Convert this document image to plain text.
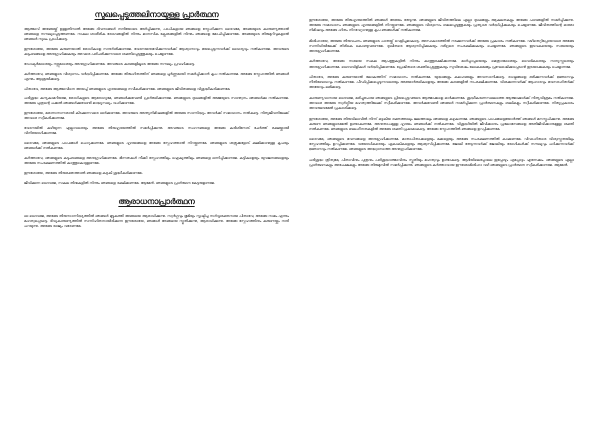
സുഖപ്പെടുത്തലിനായുള്ള പ്രാർത്ഥന

ആത്മാവ് അങ്ങേയ്ക്ക് ഉള്ളതിനാൽ അങ്ങേ ദിവസങ്ങൾ നന്ദിയോടെ അർപ്പിക്കുന്നു, പാപികളായ ഞങ്ങളെ സ്നേഹിക്കുന്ന ദൈവമേ, അങ്ങയുടെ കാരുണ്യത്താൽ ഞങ്ങളെ സൗഖ്യപ്പെടുത്തണമേ. സകല ശാരീരിക രോഗങ്ങളിൽ നിന്നും മാനസിക ക്ലേശങ്ങളിൽ നിന്നും ഞങ്ങളെ മോചിപ്പിക്കണമേ. അങ്ങയുടെ തിരുമുറിവുകളാൽ ഞങ്ങൾ സുഖം പ്രാപിക്കട്ടെ.

ഈശോയേ, അങ്ങേ കരുണയാൽ രോഗികളെ സന്ദർശിക്കണമേ. വേദനയനുഭവിക്കുന്നവർക്ക് ആശ്വാസവും ഭയപ്പെടുന്നവർക്ക് ധൈര്യവും നൽകണമേ. അവരുടെ കുടുംബങ്ങളെ അനുഗ്രഹിക്കുകയും അവരെ പരിചരിക്കുന്നവരെ ശക്തിപ്പെടുത്തുകയും ചെയ്യണമേ.

ഡോക്ടർമാരെയും നഴ്സുമാരെയും അനുഗ്രഹിക്കണമേ. അവരുടെ കരങ്ങളിലൂടെ അങ്ങേ സൗഖ്യം പ്രവഹിക്കട്ടെ.

കർത്താവേ, ഞങ്ങളുടെ വിശ്വാസം വർദ്ധിപ്പിക്കണമേ. അങ്ങേ തിരുഹിതത്തിന് ഞങ്ങളെ പൂർണ്ണമായി സമർപ്പിക്കാൻ കൃപ നൽകണമേ. അങ്ങേ സ്നേഹത്തിൽ ഞങ്ങൾ എന്നും ആശ്രയിക്കട്ടെ.

പിതാവേ, അങ്ങേ ആത്മാവിനെ അയച്ച് ഞങ്ങളുടെ ഹൃദയങ്ങളെ നവീകരിക്കണമേ. ഞങ്ങളുടെ ജീവിതങ്ങളെ വിശുദ്ധീകരിക്കണമേ.

പരിശുദ്ധ കന്യകാമറിയമേ, രോഗികളുടെ ആരോഗ്യമേ, ഞങ്ങൾക്കുവേണ്ടി പ്രാർത്ഥിക്കണമേ. ഞങ്ങളുടെ ദുഃഖങ്ങളിൽ അമ്മയുടെ സാന്ത്വനം ഞങ്ങൾക്കു നൽകണമേ. അങ്ങേ പുത്രന്റെ പക്കൽ ഞങ്ങൾക്കുവേണ്ടി മാദ്ധ്യസ്ഥ്യം വഹിക്കണമേ.

ഈശോയേ, മരണാസന്നരായി കിടക്കുന്നവരെ ഓർക്കണമേ. അവരുടെ അന്ത്യനിമിഷങ്ങളിൽ അങ്ങേ സാന്നിദ്ധ്യം അവർക്ക് സമാധാനം നൽകട്ടെ. നിത്യജീവനിലേക്ക് അവരെ സ്വീകരിക്കണമേ.

വേദനയിൽ കഴിയുന്ന എല്ലാവരെയും അങ്ങേ തിരുഹൃദയത്തിൽ സമർപ്പിക്കുന്നു. അവരുടെ സഹനങ്ങളെ അങ്ങേ കുരിശിനോട് ചേർത്ത് രക്ഷയ്ക്കായി വിനിയോഗിക്കണമേ.

ദൈവമേ, ഞങ്ങളുടെ പാപങ്ങൾ പൊറുക്കണമേ. ഞങ്ങളുടെ ഹൃദയങ്ങളെ അങ്ങേ സ്നേഹത്താൽ നിറയ്ക്കണമേ. ഞങ്ങളുടെ ശത്രുക്കളോട് ക്ഷമിക്കാനുള്ള കൃപയും ഞങ്ങൾക്ക് നൽകണമേ.

കർത്താവേ, ഞങ്ങളുടെ കുടുംബങ്ങളെ അനുഗ്രഹിക്കണമേ. ഭിന്നതകൾ നീക്കി സ്നേഹത്തിലും ഐക്യത്തിലും ഞങ്ങളെ ഒന്നിപ്പിക്കണമേ. കുട്ടികളെയും യുവജനങ്ങളെയും അങ്ങേ സംരക്ഷണത്തിൽ കാത്തുകൊള്ളണമേ.

ഈശോയേ, അങ്ങേ തിരുരക്തത്താൽ ഞങ്ങളെ കഴുകി ശുദ്ധീകരിക്കണമേ.

ജീവിക്കുന്ന ദൈവമേ, സകല തിന്മകളിൽ നിന്നും ഞങ്ങളെ രക്ഷിക്കണമേ. ആമേൻ. ഞങ്ങളുടെ പ്രാർത്ഥന കേട്ടരുളണമേ.

ആരാധനാപ്രാർത്ഥന

ഓ ദൈവമേ, അങ്ങേ തിരുസാന്നിദ്ധ്യത്തിൽ ഞങ്ങൾ മുട്ടുകുത്തി അങ്ങയെ ആരാധിക്കുന്നു. സ്വർഗ്ഗവും ഭൂമിയും സൃഷ്ടിച്ച സർവ്വശക്തനായ പിതാവേ, അങ്ങേ നാമം എന്നും മഹത്വപ്പെടട്ടെ. ദിവ്യകാരുണ്യത്തിൽ സന്നിഹിതനായിരിക്കുന്ന ഈശോയേ, ഞങ്ങൾ അങ്ങയെ സ്തുതിക്കുന്നു, ആരാധിക്കുന്നു. അങ്ങേ സ്നേഹത്തിനും കരുണയ്ക്കും നന്ദി പറയുന്നു. അങ്ങേ രാജ്യം വരേണമേ.

ഈശോയേ, അങ്ങേ തിരുഹൃദയത്തിൽ ഞങ്ങൾ അഭയം തേടുന്നു. ഞങ്ങളുടെ ജീവിതത്തിലെ എല്ലാ ദുഃഖങ്ങളും ആകുലതകളും അങ്ങേ പാദങ്ങളിൽ സമർപ്പിക്കുന്നു. അങ്ങേ സമാധാനം ഞങ്ങളുടെ ഹൃദയങ്ങളിൽ നിറയ്ക്കണമേ. ഞങ്ങളുടെ വിശ്വാസം ബലപ്പെടുത്തുകയും പ്രത്യാശ വർദ്ധിപ്പിക്കുകയും ചെയ്യണമേ. ജീവിതത്തിന്റെ ഓരോ നിമിഷവും അങ്ങേ ഹിതം നിറവേറ്റാനുള്ള കൃപ ഞങ്ങൾക്ക് നൽകണമേ.

മിശിഹായേ, അങ്ങേ തിരുവചനം ഞങ്ങളുടെ പാതയ്ക്ക് വെളിച്ചമാകട്ടെ. അന്ധകാരത്തിൽ നടക്കുന്നവർക്ക് അങ്ങേ പ്രകാശം നൽകണമേ. വഴിതെറ്റിപ്പോയവരെ അങ്ങേ സന്നിധിയിലേക്ക് തിരികെ കൊണ്ടുവരണമേ. ദുഃഖിതരെ ആശ്വസിപ്പിക്കുകയും ദരിദ്രരെ സംരക്ഷിക്കുകയും ചെയ്യണമേ. ഞങ്ങളുടെ ഇടവകയെയും സഭയെയും അനുഗ്രഹിക്കണമേ.

കർത്താവേ, അങ്ങേ സഭയെ സകല ആപത്തുകളിൽ നിന്നും കാത്തുരക്ഷിക്കണമേ. മാർപ്പാപ്പയെയും മെത്രാന്മാരെയും വൈദികരെയും സന്യസ്തരെയും അനുഗ്രഹിക്കണമേ. ദൈവവിളികൾ വർദ്ധിപ്പിക്കണമേ. പ്രേഷിതരെ ശക്തിപ്പെടുത്തുകയും സുവിശേഷം ലോകമെങ്ങും പ്രഘോഷിക്കപ്പെടാൻ ഇടയാക്കുകയും ചെയ്യണമേ.

പിതാവേ, അങ്ങേ കരുണയാൽ ലോകത്തിന് സമാധാനം നൽകണമേ. യുദ്ധങ്ങളും കലഹങ്ങളും അവസാനിക്കട്ടെ. രാഷ്ട്രങ്ങളെ ഭരിക്കുന്നവർക്ക് ജ്ഞാനവും നീതിബോധവും നൽകണമേ. പീഡിപ്പിക്കപ്പെടുന്നവരെയും അഭയാർത്ഥികളെയും അങ്ങേ കരങ്ങളിൽ സംരക്ഷിക്കണമേ. വിശക്കുന്നവർക്ക് ആഹാരവും ഭവനരഹിതർക്ക് അഭയവും ലഭിക്കട്ടെ.

കാരുണ്യവാനായ ദൈവമേ, മരിച്ചുപോയ ഞങ്ങളുടെ പ്രിയപ്പെട്ടവരുടെ ആത്മാക്കളെ ഓർക്കണമേ. ശുദ്ധീകരണസ്ഥലത്തെ ആത്മാക്കൾക്ക് നിത്യവിശ്രമം നൽകണമേ. അവരെ അങ്ങേ സ്വർഗ്ഗീയ മഹത്വത്തിലേക്ക് സ്വീകരിക്കണമേ. അവർക്കുവേണ്ടി ഞങ്ങൾ സമർപ്പിക്കുന്ന പ്രാർത്ഥനകളും ബലികളും സ്വീകരിക്കണമേ. നിത്യപ്രകാശം അവരുടെമേൽ പ്രകാശിക്കട്ടെ.

ഈശോയേ, അങ്ങേ തിരുവിലാവിൽ നിന്ന് ഒഴുകിയ രക്തത്താലും ജലത്താലും ഞങ്ങളെ കഴുകണമേ. ഞങ്ങളുടെ പാപങ്ങളെയോർത്ത് ഞങ്ങൾ മനസ്തപിക്കുന്നു. അങ്ങേ കരുണ ഞങ്ങളുടെമേൽ ഉണ്ടാകണമേ. അനുതാപമുള്ള ഹൃദയം ഞങ്ങൾക്ക് നൽകണമേ. വിശുദ്ധിയിൽ ജീവിക്കാനും പ്രലോഭനങ്ങളെ അതിജീവിക്കാനുമുള്ള ശക്തി നൽകണമേ. ഞങ്ങളുടെ ബലഹീനതകളിൽ അങ്ങേ ശക്തി പ്രകടമാകട്ടെ. അങ്ങേ സ്നേഹത്തിൽ ഞങ്ങളെ ഉറപ്പിക്കണമേ.

ദൈവമേ, ഞങ്ങളുടെ ഭവനങ്ങളെ അനുഗ്രഹിക്കണമേ. മാതാപിതാക്കളെയും മക്കളെയും അങ്ങേ സംരക്ഷണത്തിൽ കാക്കണമേ. വിവാഹിതരെ വിശ്വസ്തതയിലും സ്നേഹത്തിലും ഉറപ്പിക്കണമേ. വയോധികരെയും ഏകാകികളെയും ആശ്വസിപ്പിക്കണമേ. ജോലി തേടുന്നവർക്ക് ജോലിയും രോഗികൾക്ക് സൗഖ്യവും പഠിക്കുന്നവർക്ക് ജ്ഞാനവും നൽകണമേ. ഞങ്ങളുടെ അദ്ധ്വാനത്തെ അനുഗ്രഹിക്കണമേ.

പരിശുദ്ധ ത്രിത്വമേ, പിതാവിനും പുത്രനും പരിശുദ്ധാത്മാവിനും സ്തുതിയും മഹത്വവും ഉണ്ടാകട്ടെ. ആദിയിലെപ്പോലെ ഇപ്പോഴും എപ്പോഴും എന്നേക്കും. ഞങ്ങളുടെ എല്ലാ പ്രാർത്ഥനകളും അപേക്ഷകളും അങ്ങേ തിരുമുമ്പിൽ സമർപ്പിക്കുന്നു. ഞങ്ങളുടെ കർത്താവായ ഈശോമിശിഹാ വഴി ഞങ്ങളുടെ പ്രാർത്ഥന സ്വീകരിക്കണമേ. ആമേൻ.
